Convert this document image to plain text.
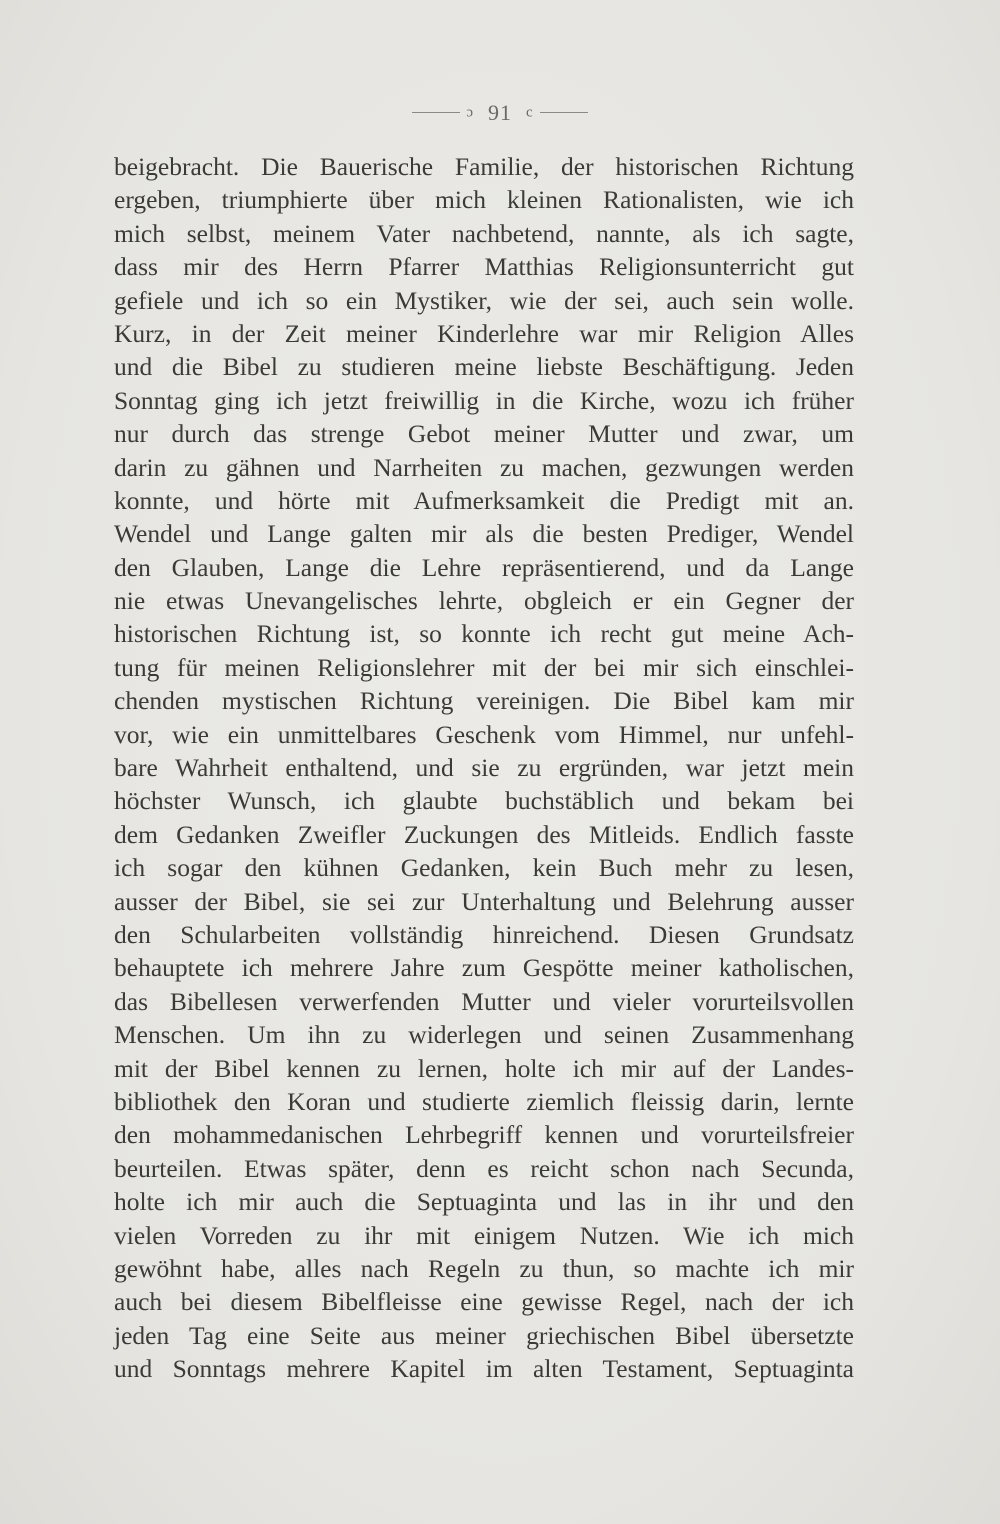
ɔ 91 c
beigebracht. Die Bauerische Familie, der historischen Richtung
ergeben, triumphierte über mich kleinen Rationalisten, wie ich
mich selbst, meinem Vater nachbetend, nannte, als ich sagte,
dass mir des Herrn Pfarrer Matthias Religionsunterricht gut
gefiele und ich so ein Mystiker, wie der sei, auch sein wolle.
Kurz, in der Zeit meiner Kinderlehre war mir Religion Alles
und die Bibel zu studieren meine liebste Beschäftigung. Jeden
Sonntag ging ich jetzt freiwillig in die Kirche, wozu ich früher
nur durch das strenge Gebot meiner Mutter und zwar, um
darin zu gähnen und Narrheiten zu machen, gezwungen werden
konnte, und hörte mit Aufmerksamkeit die Predigt mit an.
Wendel und Lange galten mir als die besten Prediger, Wendel
den Glauben, Lange die Lehre repräsentierend, und da Lange
nie etwas Unevangelisches lehrte, obgleich er ein Gegner der
historischen Richtung ist, so konnte ich recht gut meine Ach-
tung für meinen Religionslehrer mit der bei mir sich einschlei-
chenden mystischen Richtung vereinigen. Die Bibel kam mir
vor, wie ein unmittelbares Geschenk vom Himmel, nur unfehl-
bare Wahrheit enthaltend, und sie zu ergründen, war jetzt mein
höchster Wunsch, ich glaubte buchstäblich und bekam bei
dem Gedanken Zweifler Zuckungen des Mitleids. Endlich fasste
ich sogar den kühnen Gedanken, kein Buch mehr zu lesen,
ausser der Bibel, sie sei zur Unterhaltung und Belehrung ausser
den Schularbeiten vollständig hinreichend. Diesen Grundsatz
behauptete ich mehrere Jahre zum Gespötte meiner katholischen,
das Bibellesen verwerfenden Mutter und vieler vorurteilsvollen
Menschen. Um ihn zu widerlegen und seinen Zusammenhang
mit der Bibel kennen zu lernen, holte ich mir auf der Landes-
bibliothek den Koran und studierte ziemlich fleissig darin, lernte
den mohammedanischen Lehrbegriff kennen und vorurteilsfreier
beurteilen. Etwas später, denn es reicht schon nach Secunda,
holte ich mir auch die Septuaginta und las in ihr und den
vielen Vorreden zu ihr mit einigem Nutzen. Wie ich mich
gewöhnt habe, alles nach Regeln zu thun, so machte ich mir
auch bei diesem Bibelfleisse eine gewisse Regel, nach der ich
jeden Tag eine Seite aus meiner griechischen Bibel übersetzte
und Sonntags mehrere Kapitel im alten Testament, Septuaginta
